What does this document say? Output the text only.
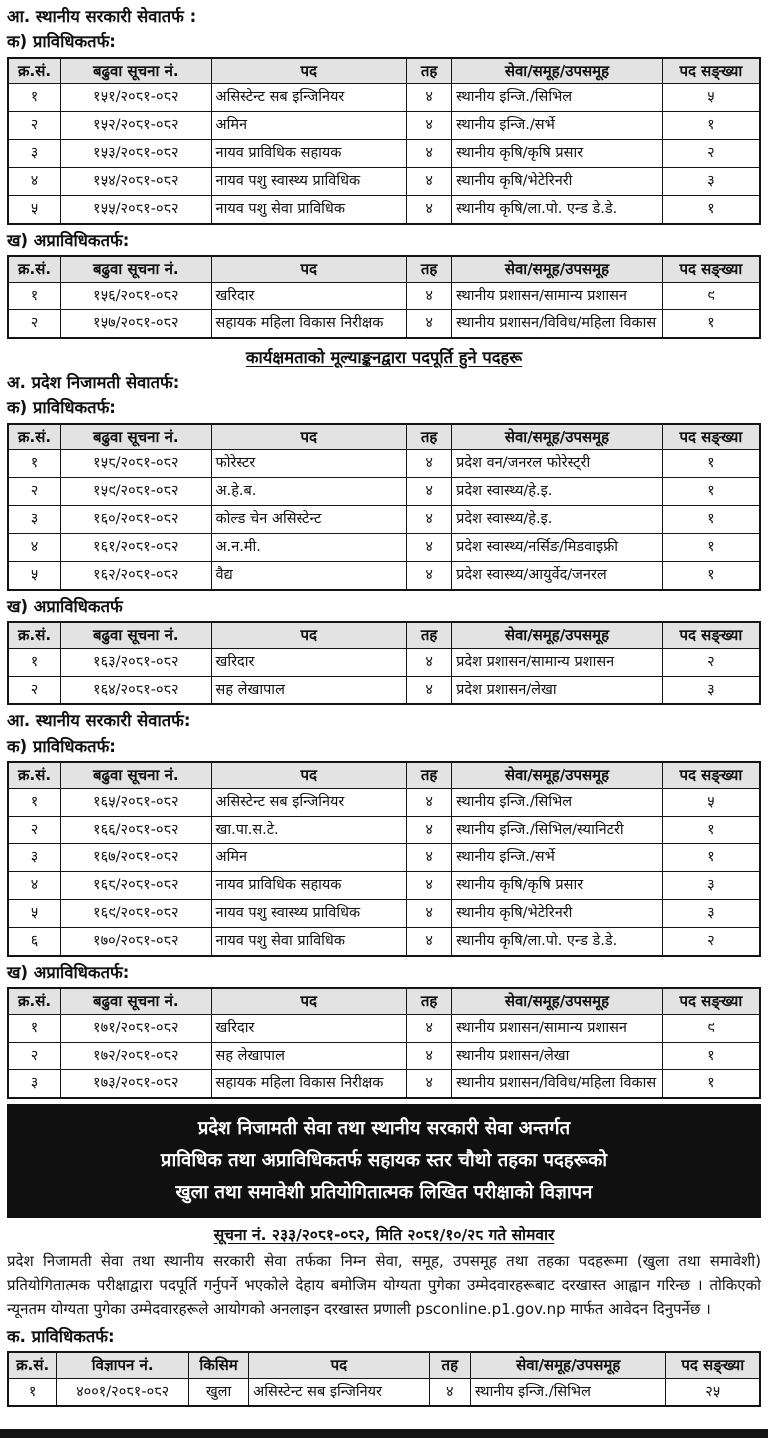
आ. स्थानीय सरकारी सेवातर्फ :
क) प्राविधिकतर्फ:
क्र.सं.	बढुवा सूचना नं.	पद	तह	सेवा/समूह/उपसमूह	पद सङ्ख्या
१	१५१/२०८१-०८२	असिस्टेन्ट सब इन्जिनियर	४	स्थानीय इन्जि./सिभिल	५
२	१५२/२०८१-०८२	अमिन	४	स्थानीय इन्जि./सर्भे	१
३	१५३/२०८१-०८२	नायव प्राविधिक सहायक	४	स्थानीय कृषि/कृषि प्रसार	२
४	१५४/२०८१-०८२	नायव पशु स्वास्थ्य प्राविधिक	४	स्थानीय कृषि/भेटेरिनरी	३
५	१५५/२०८१-०८२	नायव पशु सेवा प्राविधिक	४	स्थानीय कृषि/ला.पो. एन्ड डे.डे.	१
ख) अप्राविधिकतर्फ:
क्र.सं.	बढुवा सूचना नं.	पद	तह	सेवा/समूह/उपसमूह	पद सङ्ख्या
१	१५६/२०८१-०८२	खरिदार	४	स्थानीय प्रशासन/सामान्य प्रशासन	९
२	१५७/२०८१-०८२	सहायक महिला विकास निरीक्षक	४	स्थानीय प्रशासन/विविध/महिला विकास	१
कार्यक्षमताको मूल्याङ्कनद्वारा पदपूर्ति हुने पदहरू
अ. प्रदेश निजामती सेवातर्फ:
क) प्राविधिकतर्फ:
क्र.सं.	बढुवा सूचना नं.	पद	तह	सेवा/समूह/उपसमूह	पद सङ्ख्या
१	१५८/२०८१-०८२	फोरेस्टर	४	प्रदेश वन/जनरल फोरेस्ट्री	१
२	१५९/२०८१-०८२	अ.हे.ब.	४	प्रदेश स्वास्थ्य/हे.इ.	१
३	१६०/२०८१-०८२	कोल्ड चेन असिस्टेन्ट	४	प्रदेश स्वास्थ्य/हे.इ.	१
४	१६१/२०८१-०८२	अ.न.मी.	४	प्रदेश स्वास्थ्य/नर्सिङ/मिडवाइफ्री	१
५	१६२/२०८१-०८२	वैद्य	४	प्रदेश स्वास्थ्य/आयुर्वेद/जनरल	१
ख) अप्राविधिकतर्फ
क्र.सं.	बढुवा सूचना नं.	पद	तह	सेवा/समूह/उपसमूह	पद सङ्ख्या
१	१६३/२०८१-०८२	खरिदार	४	प्रदेश प्रशासन/सामान्य प्रशासन	२
२	१६४/२०८१-०८२	सह लेखापाल	४	प्रदेश प्रशासन/लेखा	३
आ. स्थानीय सरकारी सेवातर्फ:
क) प्राविधिकतर्फ:
क्र.सं.	बढुवा सूचना नं.	पद	तह	सेवा/समूह/उपसमूह	पद सङ्ख्या
१	१६५/२०८१-०८२	असिस्टेन्ट सब इन्जिनियर	४	स्थानीय इन्जि./सिभिल	५
२	१६६/२०८१-०८२	खा.पा.स.टे.	४	स्थानीय इन्जि./सिभिल/स्यानिटरी	१
३	१६७/२०८१-०८२	अमिन	४	स्थानीय इन्जि./सर्भे	१
४	१६८/२०८१-०८२	नायव प्राविधिक सहायक	४	स्थानीय कृषि/कृषि प्रसार	३
५	१६९/२०८१-०८२	नायव पशु स्वास्थ्य प्राविधिक	४	स्थानीय कृषि/भेटेरिनरी	३
६	१७०/२०८१-०८२	नायव पशु सेवा प्राविधिक	४	स्थानीय कृषि/ला.पो. एन्ड डे.डे.	२
ख) अप्राविधिकतर्फ:
क्र.सं.	बढुवा सूचना नं.	पद	तह	सेवा/समूह/उपसमूह	पद सङ्ख्या
१	१७१/२०८१-०८२	खरिदार	४	स्थानीय प्रशासन/सामान्य प्रशासन	९
२	१७२/२०८१-०८२	सह लेखापाल	४	स्थानीय प्रशासन/लेखा	१
३	१७३/२०८१-०८२	सहायक महिला विकास निरीक्षक	४	स्थानीय प्रशासन/विविध/महिला विकास	१
प्रदेश निजामती सेवा तथा स्थानीय सरकारी सेवा अन्तर्गत
प्राविधिक तथा अप्राविधिकतर्फ सहायक स्तर चौथो तहका पदहरूको
खुला तथा समावेशी प्रतियोगितात्मक लिखित परीक्षाको विज्ञापन
सूचना नं. २३३/२०८१-०८२, मिति २०८१/१०/२८ गते सोमवार

प्रदेश निजामती सेवा तथा स्थानीय सरकारी सेवा तर्फका निम्न सेवा, समूह, उपसमूह तथा तहका पदहरूमा (खुला तथा समावेशी) प्रतियोगितात्मक परीक्षाद्वारा पदपूर्ति गर्नुपर्ने भएकोले देहाय बमोजिम योग्यता पुगेका उम्मेदवारहरूबाट दरखास्त आह्वान गरिन्छ । तोकिएको न्यूनतम योग्यता पुगेका उम्मेदवारहरूले आयोगको अनलाइन दरखास्त प्रणाली psconline.p1.gov.np मार्फत आवेदन दिनुपर्नेछ ।

क. प्राविधिकतर्फ:
क्र.सं.	विज्ञापन नं.	किसिम	पद	तह	सेवा/समूह/उपसमूह	पद सङ्ख्या
१	४००१/२०८१-०८२	खुला	असिस्टेन्ट सब इन्जिनियर	४	स्थानीय इन्जि./सिभिल	२५
